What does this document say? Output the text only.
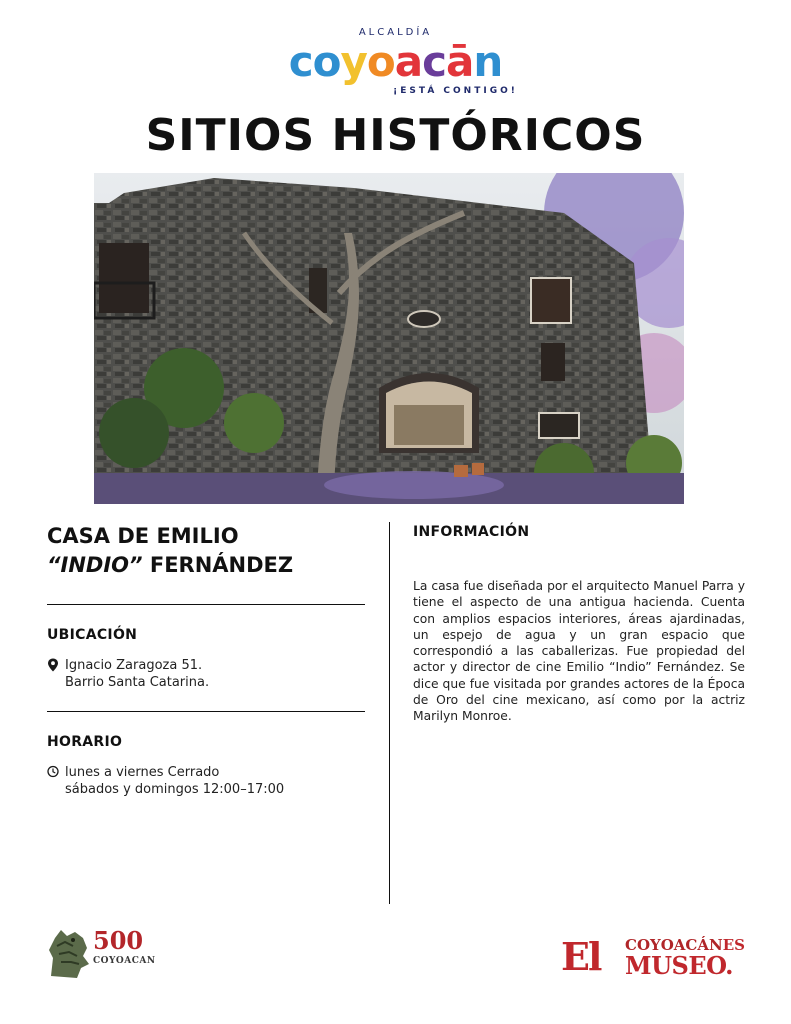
ALCALDÍA
coyoacān
¡ESTÁ CONTIGO!
SITIOS HISTÓRICOS

CASA DE EMILIO
“INDIO” FERNÁNDEZ

UBICACIÓN
Ignacio Zaragoza 51.
Barrio Santa Catarina.
HORARIO
lunes a viernes Cerrado
sábados y domingos 12:00–17:00
INFORMACIÓN
La casa fue diseñada por el arquitecto Manuel Parra y tiene el aspecto de una antigua hacienda. Cuenta con amplios espacios interiores, áreas ajardinadas, un espejo de agua y un gran espacio que correspondió a las caballerizas. Fue propiedad del actor y director de cine Emilio “Indio” Fernández. Se dice que fue visitada por grandes actores de la Época de Oro del cine mexicano, así como por la actriz Marilyn Monroe.
500
COYOACAN	El COYOACÁNES
MUSEO.
